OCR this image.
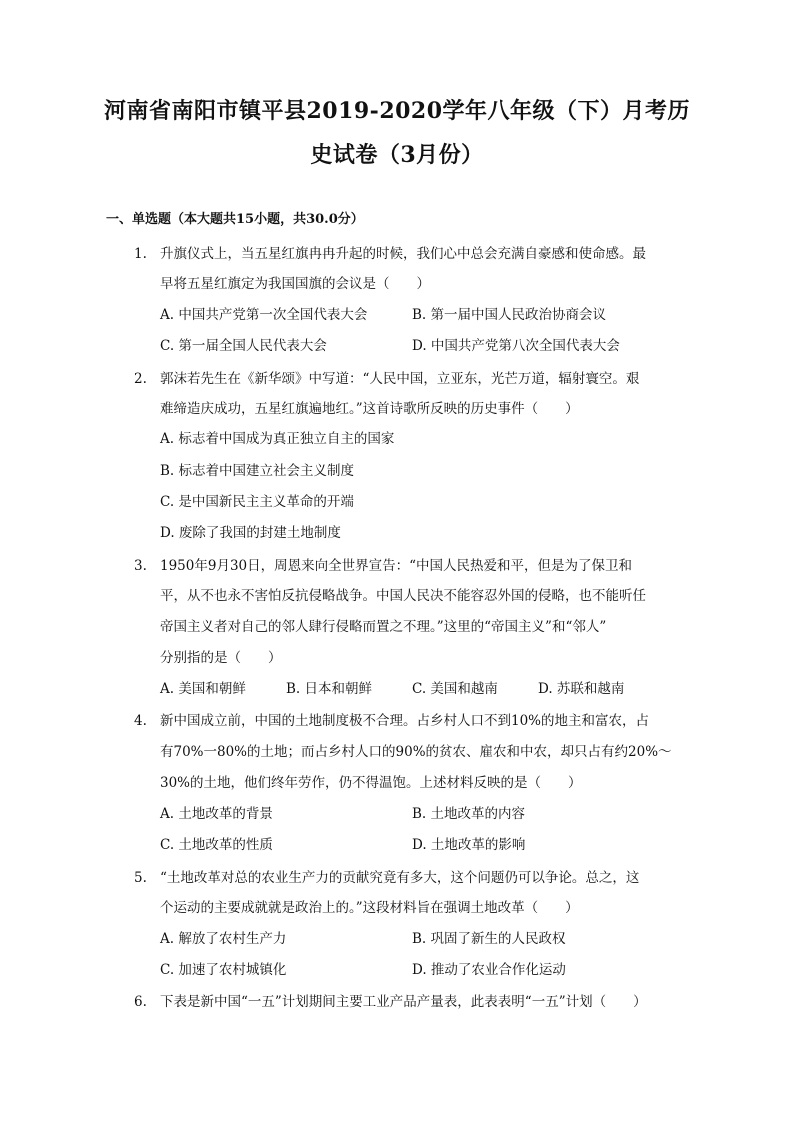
河南省南阳市镇平县2019-2020学年八年级（下）月考历
史试卷（3月份）
一、单选题（本大题共15小题，共30.0分）
1. 升旗仪式上，当五星红旗冉冉升起的时候，我们心中总会充满自豪感和使命感。最
早将五星红旗定为我国国旗的会议是（　　）
A. 中国共产党第一次全国代表大会	B. 第一届中国人民政治协商会议
C. 第一届全国人民代表大会	D. 中国共产党第八次全国代表大会
2. 郭沫若先生在《新华颂》中写道：“人民中国，立亚东，光芒万道，辐射寰空。艰
难缔造庆成功，五星红旗遍地红。”这首诗歌所反映的历史事件（　　）
A. 标志着中国成为真正独立自主的国家
B. 标志着中国建立社会主义制度
C. 是中国新民主主义革命的开端
D. 废除了我国的封建土地制度
3. 1950年9月30日，周恩来向全世界宣告：“中国人民热爱和平，但是为了保卫和
平，从不也永不害怕反抗侵略战争。中国人民决不能容忍外国的侵略，也不能听任
帝国主义者对自己的邻人肆行侵略而置之不理。”这里的“帝国主义”和“邻人”
分别指的是（　　）
A. 美国和朝鲜	B. 日本和朝鲜	C. 美国和越南	D. 苏联和越南
4. 新中国成立前，中国的土地制度极不合理。占乡村人口不到10%的地主和富农，占
有70%一80%的土地；而占乡村人口的90%的贫农、雇农和中农，却只占有约20%～
30%的土地，他们终年劳作，仍不得温饱。上述材料反映的是（　　）
A. 土地改革的背景	B. 土地改革的内容
C. 土地改革的性质	D. 土地改革的影响
5. “土地改革对总的农业生产力的贡献究竟有多大，这个问题仍可以争论。总之，这
个运动的主要成就就是政治上的。”这段材料旨在强调土地改革（　　）
A. 解放了农村生产力	B. 巩固了新生的人民政权
C. 加速了农村城镇化	D. 推动了农业合作化运动
6. 下表是新中国“一五”计划期间主要工业产品产量表，此表表明“一五”计划（　　）
